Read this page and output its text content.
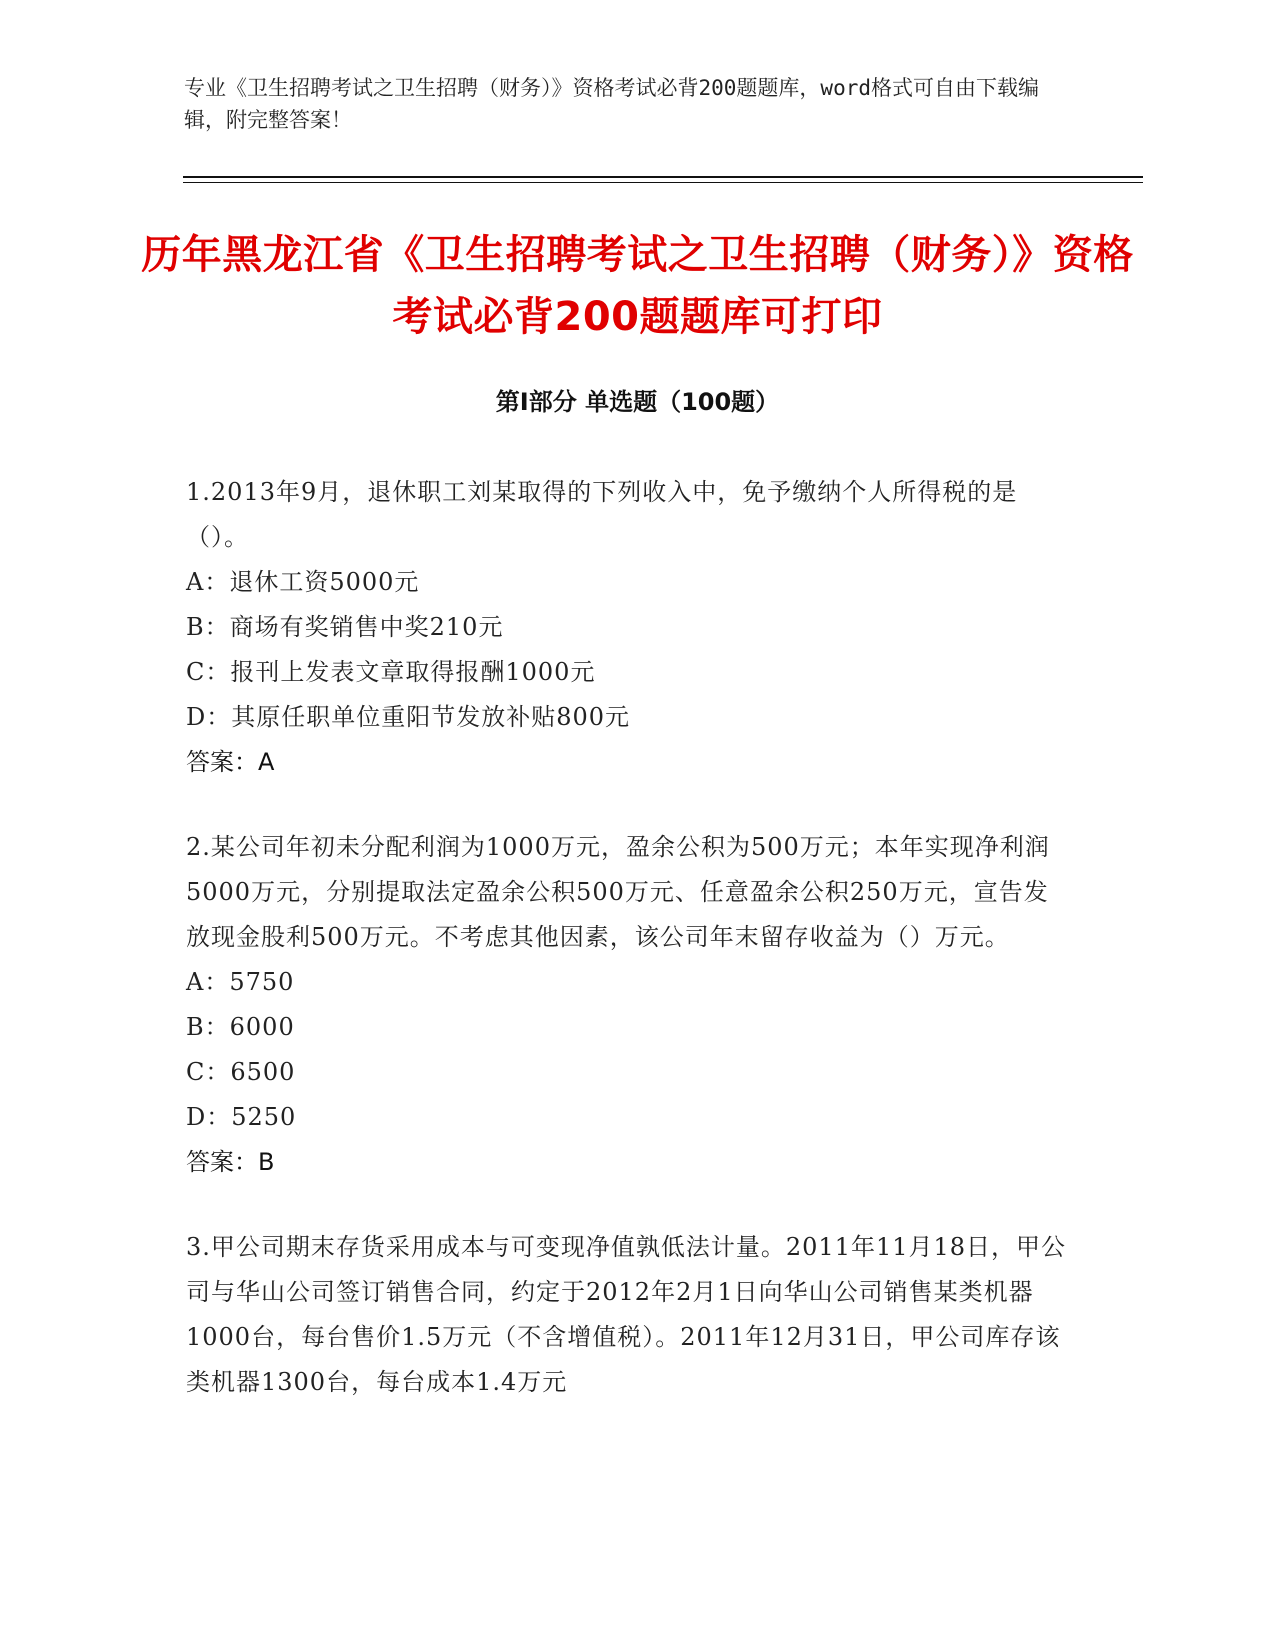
专业《卫生招聘考试之卫生招聘（财务）》资格考试必背200题题库，word格式可自由下载编辑，附完整答案！
历年黑龙江省《卫生招聘考试之卫生招聘（财务）》资格考试必背200题题库可打印
第I部分 单选题（100题）
1.2013年9月，退休职工刘某取得的下列收入中，免予缴纳个人所得税的是（）。
A：退休工资5000元
B：商场有奖销售中奖210元
C：报刊上发表文章取得报酬1000元
D：其原任职单位重阳节发放补贴800元
答案：A
2.某公司年初未分配利润为1000万元，盈余公积为500万元；本年实现净利润5000万元，分别提取法定盈余公积500万元、任意盈余公积250万元，宣告发放现金股利500万元。不考虑其他因素，该公司年末留存收益为（）万元。
A：5750
B：6000
C：6500
D：5250
答案：B
3.甲公司期末存货采用成本与可变现净值孰低法计量。2011年11月18日，甲公司与华山公司签订销售合同，约定于2012年2月1日向华山公司销售某类机器1000台，每台售价1.5万元（不含增值税）。2011年12月31日，甲公司库存该类机器1300台，每台成本1.4万元
